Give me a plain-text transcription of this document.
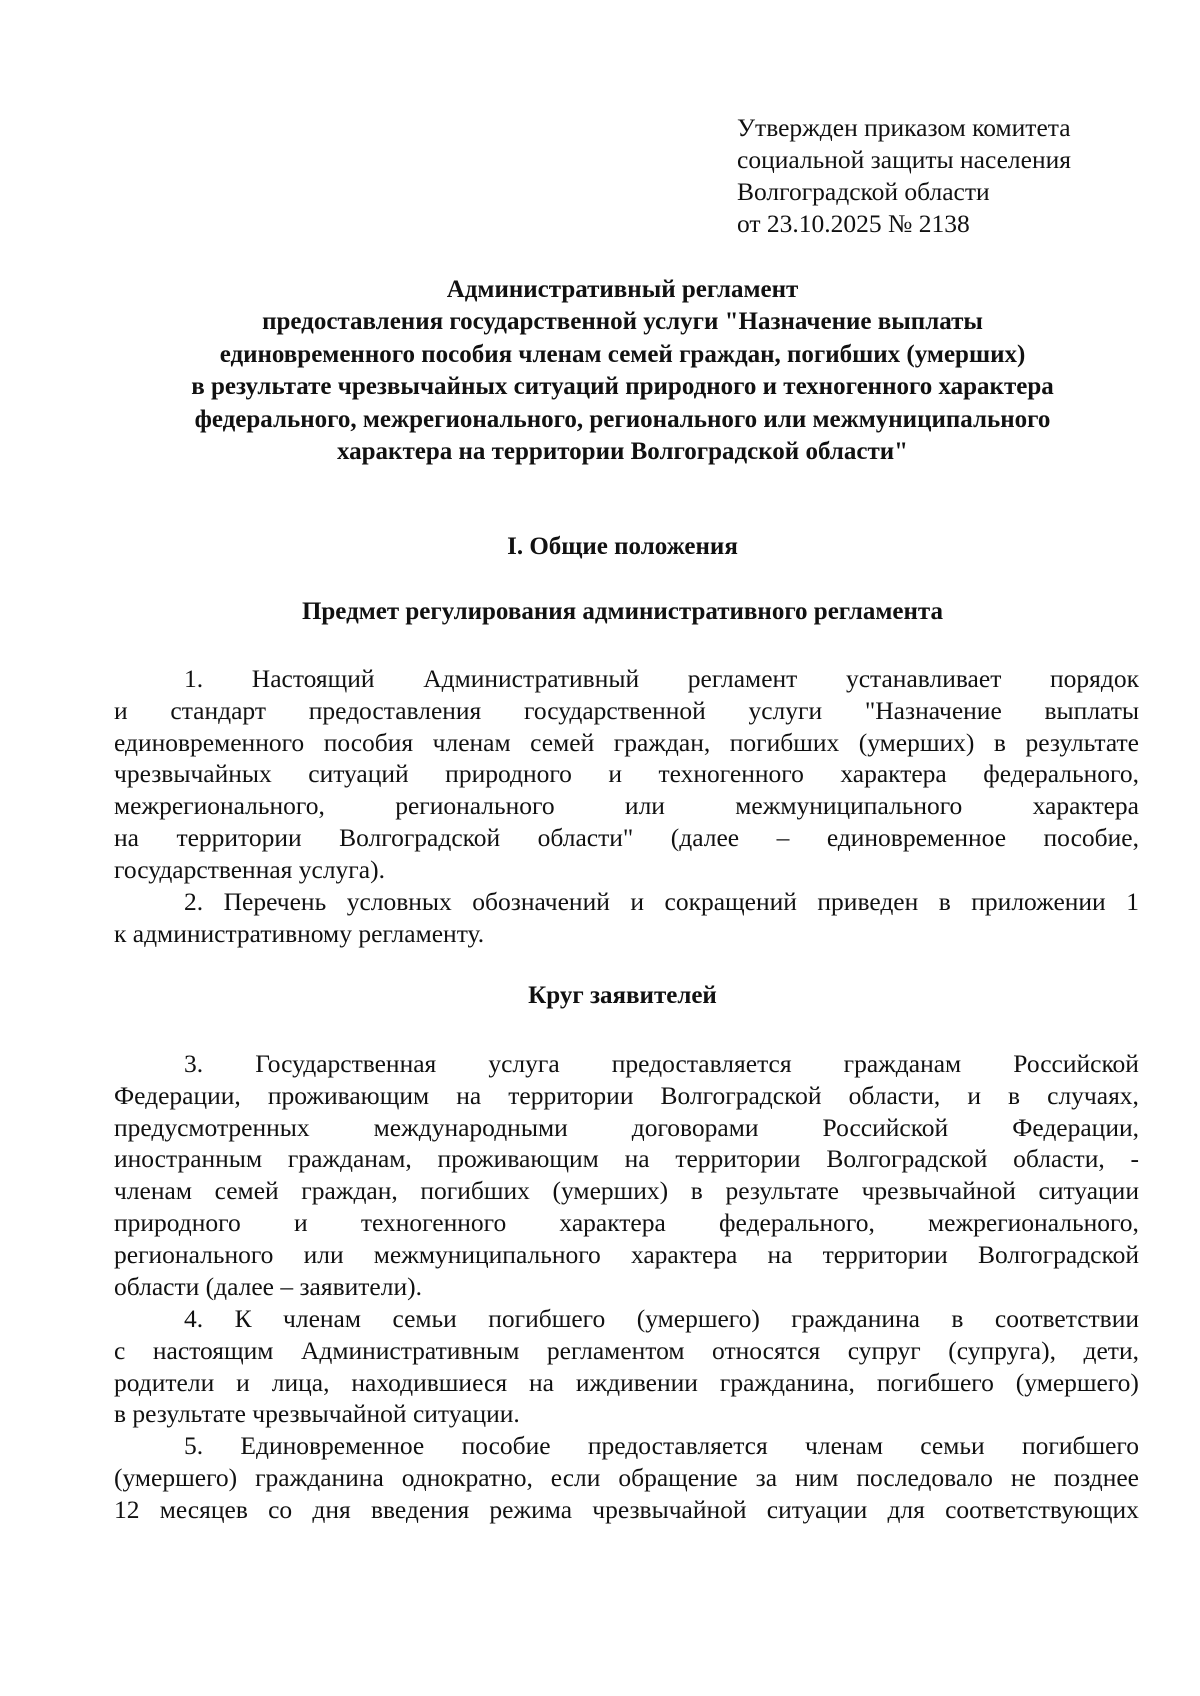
Утвержден приказом комитета
социальной защиты населения
Волгоградской области
от 23.10.2025 № 2138
Административный регламент
предоставления государственной услуги "Назначение выплаты
единовременного пособия членам семей граждан, погибших (умерших)
в результате чрезвычайных ситуаций природного и техногенного характера
федерального, межрегионального, регионального или межмуниципального
характера на территории Волгоградской области"
I. Общие положения
Предмет регулирования административного регламента
1. Настоящий Административный регламент устанавливает порядок
и стандарт предоставления государственной услуги "Назначение выплаты
единовременного пособия членам семей граждан, погибших (умерших) в результате
чрезвычайных ситуаций природного и техногенного характера федерального,
межрегионального,	регионального	или	межмуниципального	характера
на территории Волгоградской области" (далее – единовременное пособие,
государственная услуга).
2. Перечень условных обозначений и сокращений приведен в приложении 1
к административному регламенту.
Круг заявителей
3. Государственная услуга предоставляется гражданам Российской
Федерации, проживающим на территории Волгоградской области, и в случаях,
предусмотренных	международными	договорами	Российской	Федерации,
иностранным гражданам, проживающим на территории Волгоградской области, -
членам семей граждан, погибших (умерших) в результате чрезвычайной ситуации
природного и техногенного характера федерального, межрегионального,
регионального или межмуниципального характера на территории Волгоградской
области (далее – заявители).
4. К членам семьи погибшего (умершего) гражданина в соответствии
с настоящим Административным регламентом относятся супруг (супруга), дети,
родители и лица, находившиеся на иждивении гражданина, погибшего (умершего)
в результате чрезвычайной ситуации.
5. Единовременное пособие предоставляется членам семьи погибшего
(умершего) гражданина однократно, если обращение за ним последовало не позднее
12 месяцев со дня введения режима чрезвычайной ситуации для соответствующих
